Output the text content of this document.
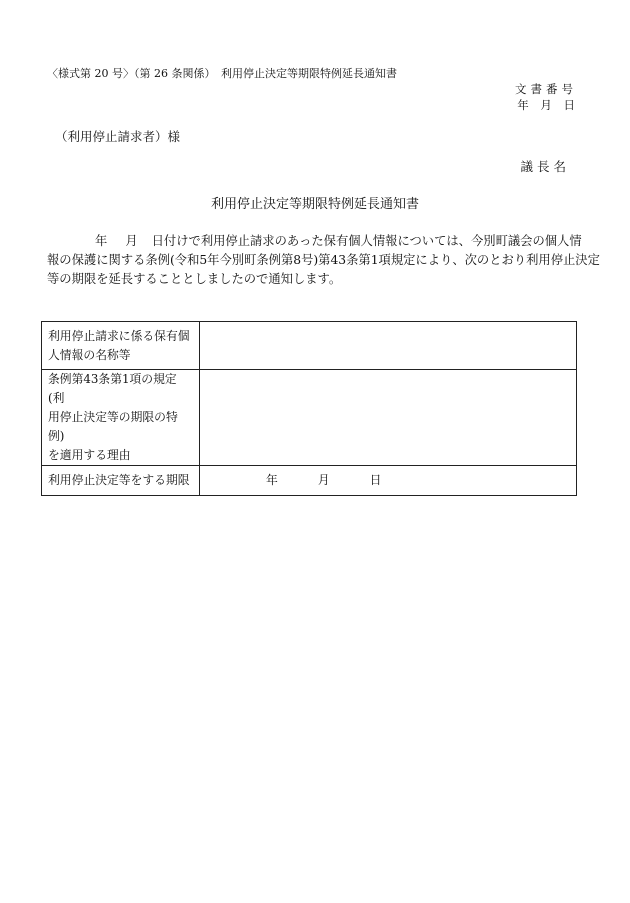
〈様式第 20 号〉（第 26 条関係）　利用停止決定等期限特例延長通知書
文書番号
年 月 日
（利用停止請求者）様
議長名
利用停止決定等期限特例延長通知書
年 月 日付けで利用停止請求のあった保有個人情報については、今別町議会の個人情
報の保護に関する条例(令和5年今別町条例第8号)第43条第1項規定により、次のとおり利用停止決定
等の期限を延長することとしましたので通知します。
利用停止請求に係る保有個
人情報の名称等	

条例第43条第1項の規定(利
用停止決定等の期限の特例)
を適用する理由	

利用停止決定等をする期限	年 月 日
